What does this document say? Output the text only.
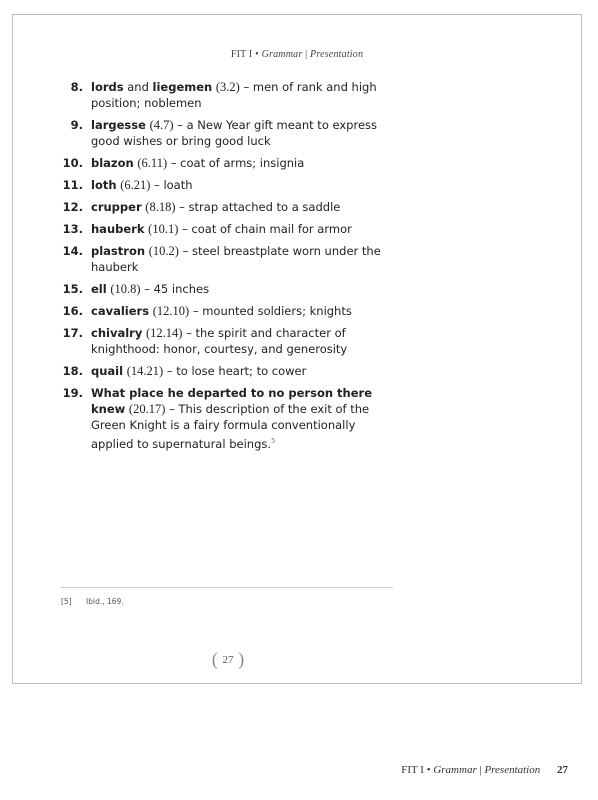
FIT I • Grammar | Presentation
8. lords and liegemen (3.2) – men of rank and high position; noblemen
9. largesse (4.7) – a New Year gift meant to express good wishes or bring good luck
10. blazon (6.11) – coat of arms; insignia
11. loth (6.21) – loath
12. crupper (8.18) – strap attached to a saddle
13. hauberk (10.1) – coat of chain mail for armor
14. plastron (10.2) – steel breastplate worn under the hauberk
15. ell (10.8) – 45 inches
16. cavaliers (12.10) – mounted soldiers; knights
17. chivalry (12.14) – the spirit and character of knighthood: honor, courtesy, and generosity
18. quail (14.21) – to lose heart; to cower
19. What place he departed to no person there knew (20.17) – This description of the exit of the Green Knight is a fairy formula conventionally applied to supernatural beings.$^5$
[5] Ibid., 169.
( 27 )
FIT I • Grammar | Presentation 27
